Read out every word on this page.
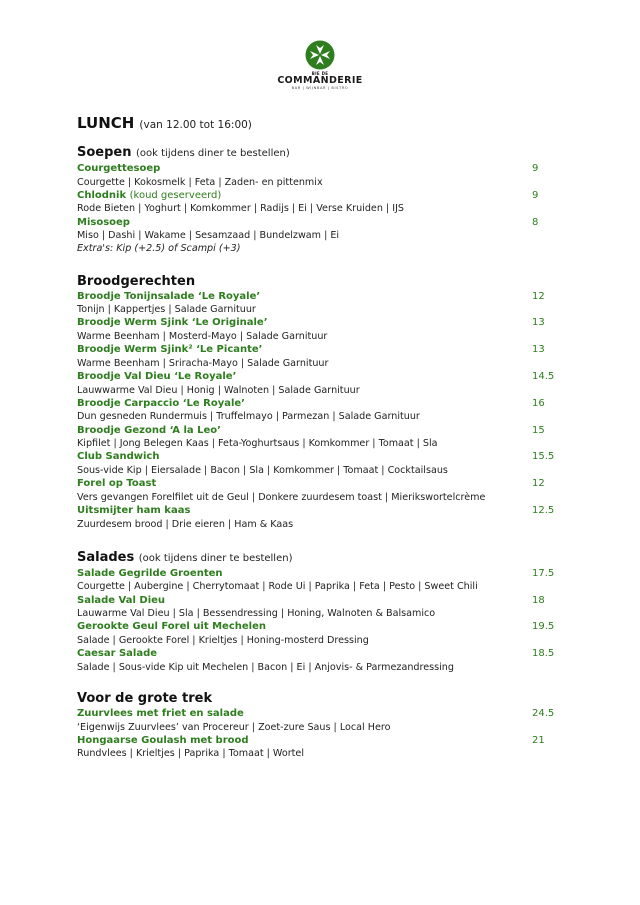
BIE DE
COMMANDERIE
BAR | WIJNBAR | BISTRO
LUNCH (van 12.00 tot 16:00)
Soepen (ook tijdens diner te bestellen)
Courgettesoep	9
Courgette | Kokosmelk | Feta | Zaden- en pittenmix
Chlodnik (koud geserveerd)	9
Rode Bieten | Yoghurt | Komkommer | Radijs | Ei | Verse Kruiden | IJS
Misosoep	8
Miso | Dashi | Wakame | Sesamzaad | Bundelzwam | Ei
Extra's: Kip (+2.5) of Scampi (+3)
Broodgerechten
Broodje Tonijnsalade ‘Le Royale’	12
Tonijn | Kappertjes | Salade Garnituur
Broodje Werm Sjink ‘Le Originale’	13
Warme Beenham | Mosterd-Mayo | Salade Garnituur
Broodje Werm Sjink² ‘Le Picante’	13
Warme Beenham | Sriracha-Mayo | Salade Garnituur
Broodje Val Dieu ‘Le Royale’	14.5
Lauwwarme Val Dieu | Honig | Walnoten | Salade Garnituur
Broodje Carpaccio ‘Le Royale’	16
Dun gesneden Rundermuis | Truffelmayo | Parmezan | Salade Garnituur
Broodje Gezond ‘A la Leo’	15
Kipfilet | Jong Belegen Kaas | Feta-Yoghurtsaus | Komkommer | Tomaat | Sla
Club Sandwich	15.5
Sous-vide Kip | Eiersalade | Bacon | Sla | Komkommer | Tomaat | Cocktailsaus
Forel op Toast	12
Vers gevangen Forelfilet uit de Geul | Donkere zuurdesem toast | Mierikswortelcrème
Uitsmijter ham kaas	12.5
Zuurdesem brood | Drie eieren | Ham & Kaas
Salades (ook tijdens diner te bestellen)
Salade Gegrilde Groenten	17.5
Courgette | Aubergine | Cherrytomaat | Rode Ui | Paprika | Feta | Pesto | Sweet Chili
Salade Val Dieu	18
Lauwarme Val Dieu | Sla | Bessendressing | Honing, Walnoten & Balsamico
Gerookte Geul Forel uit Mechelen	19.5
Salade | Gerookte Forel | Krieltjes | Honing-mosterd Dressing
Caesar Salade	18.5
Salade | Sous-vide Kip uit Mechelen | Bacon | Ei | Anjovis- & Parmezandressing
Voor de grote trek
Zuurvlees met friet en salade	24.5
‘Eigenwijs Zuurvlees’ van Procereur | Zoet-zure Saus | Local Hero
Hongaarse Goulash met brood	21
Rundvlees | Krieltjes | Paprika | Tomaat | Wortel
